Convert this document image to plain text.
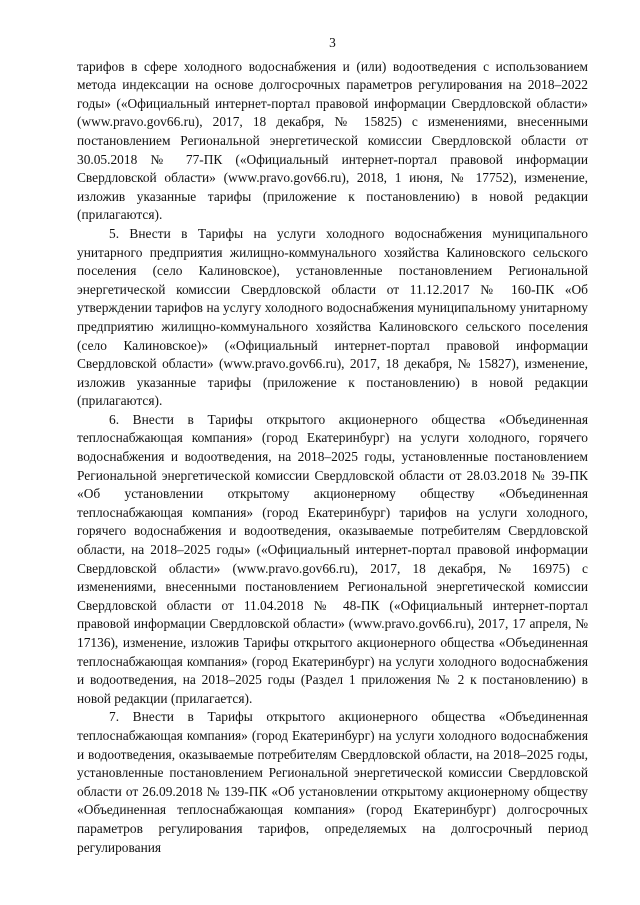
3

тарифов в сфере холодного водоснабжения и (или) водоотведения с использованием метода индексации на основе долгосрочных параметров регулирования на 2018–2022 годы» («Официальный интернет-портал правовой информации Свердловской области» (www.pravo.gov66.ru), 2017, 18 декабря, № 15825) с изменениями, внесенными постановлением Региональной энергетической комиссии Свердловской области от 30.05.2018 № 77-ПК («Официальный интернет-портал правовой информации Свердловской области» (www.pravo.gov66.ru), 2018, 1 июня, № 17752), изменение, изложив указанные тарифы (приложение к постановлению) в новой редакции (прилагаются).

5. Внести в Тарифы на услуги холодного водоснабжения муниципального унитарного предприятия жилищно-коммунального хозяйства Калиновского сельского поселения (село Калиновское), установленные постановлением Региональной энергетической комиссии Свердловской области от 11.12.2017 № 160-ПК «Об утверждении тарифов на услугу холодного водоснабжения муниципальному унитарному предприятию жилищно-коммунального хозяйства Калиновского сельского поселения (село Калиновское)» («Официальный интернет-портал правовой информации Свердловской области» (www.pravo.gov66.ru), 2017, 18 декабря, № 15827), изменение, изложив указанные тарифы (приложение к постановлению) в новой редакции (прилагаются).

6. Внести в Тарифы открытого акционерного общества «Объединенная теплоснабжающая компания» (город Екатеринбург) на услуги холодного, горячего водоснабжения и водоотведения, на 2018–2025 годы, установленные постановлением Региональной энергетической комиссии Свердловской области от 28.03.2018 № 39-ПК «Об установлении открытому акционерному обществу «Объединенная теплоснабжающая компания» (город Екатеринбург) тарифов на услуги холодного, горячего водоснабжения и водоотведения, оказываемые потребителям Свердловской области, на 2018–2025 годы» («Официальный интернет-портал правовой информации Свердловской области» (www.pravo.gov66.ru), 2017, 18 декабря, № 16975) с изменениями, внесенными постановлением Региональной энергетической комиссии Свердловской области от 11.04.2018 № 48-ПК («Официальный интернет-портал правовой информации Свердловской области» (www.pravo.gov66.ru), 2017, 17 апреля, № 17136), изменение, изложив Тарифы открытого акционерного общества «Объединенная теплоснабжающая компания» (город Екатеринбург) на услуги холодного водоснабжения и водоотведения, на 2018–2025 годы (Раздел 1 приложения № 2 к постановлению) в новой редакции (прилагается).

7. Внести в Тарифы открытого акционерного общества «Объединенная теплоснабжающая компания» (город Екатеринбург) на услуги холодного водоснабжения и водоотведения, оказываемые потребителям Свердловской области, на 2018–2025 годы, установленные постановлением Региональной энергетической комиссии Свердловской области от 26.09.2018 № 139-ПК «Об установлении открытому акционерному обществу «Объединенная теплоснабжающая компания» (город Екатеринбург) долгосрочных параметров регулирования тарифов, определяемых на долгосрочный период регулирования
